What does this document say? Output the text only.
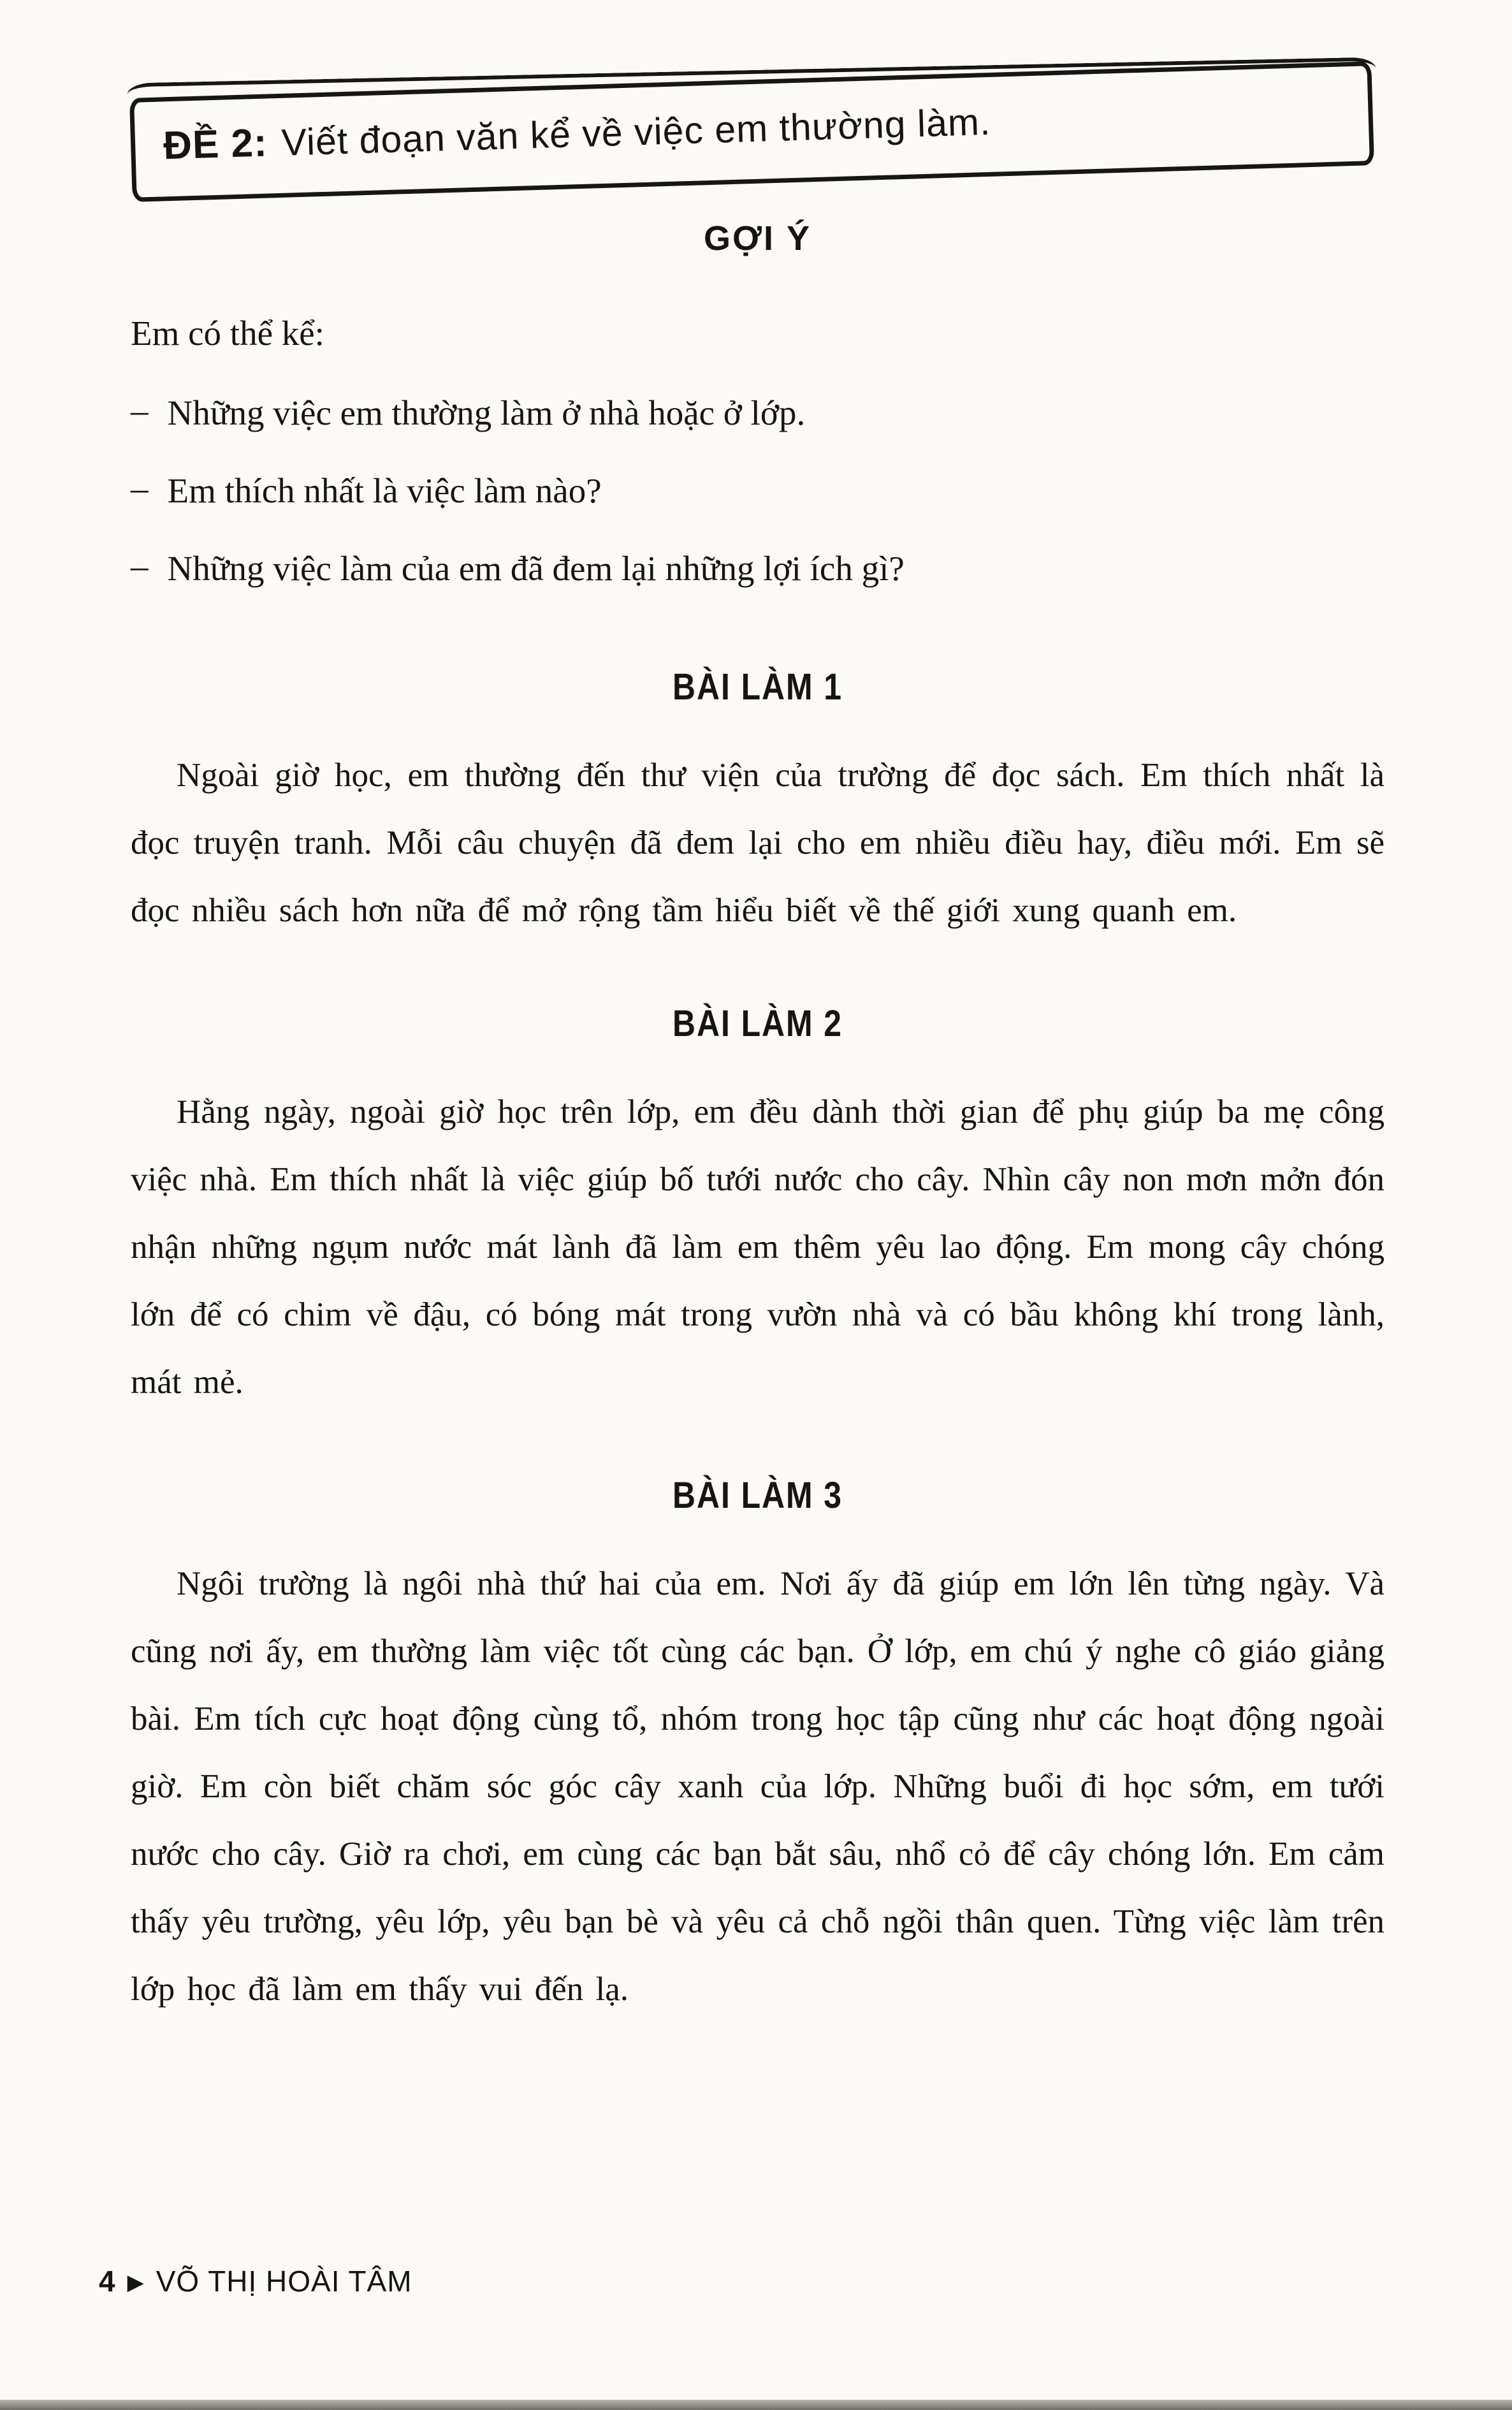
ĐỀ 2: Viết đoạn văn kể về việc em thường làm.
GỢI Ý

Em có thể kể:

– Những việc em thường làm ở nhà hoặc ở lớp.
– Em thích nhất là việc làm nào?
– Những việc làm của em đã đem lại những lợi ích gì?
BÀI LÀM 1

Ngoài giờ học, em thường đến thư viện của trường để đọc sách. Em thích nhất là đọc truyện tranh. Mỗi câu chuyện đã đem lại cho em nhiều điều hay, điều mới. Em sẽ đọc nhiều sách hơn nữa để mở rộng tầm hiểu biết về thế giới xung quanh em.

BÀI LÀM 2

Hằng ngày, ngoài giờ học trên lớp, em đều dành thời gian để phụ giúp ba mẹ công việc nhà. Em thích nhất là việc giúp bố tưới nước cho cây. Nhìn cây non mơn mởn đón nhận những ngụm nước mát lành đã làm em thêm yêu lao động. Em mong cây chóng lớn để có chim về đậu, có bóng mát trong vườn nhà và có bầu không khí trong lành, mát mẻ.

BÀI LÀM 3

Ngôi trường là ngôi nhà thứ hai của em. Nơi ấy đã giúp em lớn lên từng ngày. Và cũng nơi ấy, em thường làm việc tốt cùng các bạn. Ở lớp, em chú ý nghe cô giáo giảng bài. Em tích cực hoạt động cùng tổ, nhóm trong học tập cũng như các hoạt động ngoài giờ. Em còn biết chăm sóc góc cây xanh của lớp. Những buổi đi học sớm, em tưới nước cho cây. Giờ ra chơi, em cùng các bạn bắt sâu, nhổ cỏ để cây chóng lớn. Em cảm thấy yêu trường, yêu lớp, yêu bạn bè và yêu cả chỗ ngồi thân quen. Từng việc làm trên lớp học đã làm em thấy vui đến lạ.

4 ▶ VÕ THỊ HOÀI TÂM
